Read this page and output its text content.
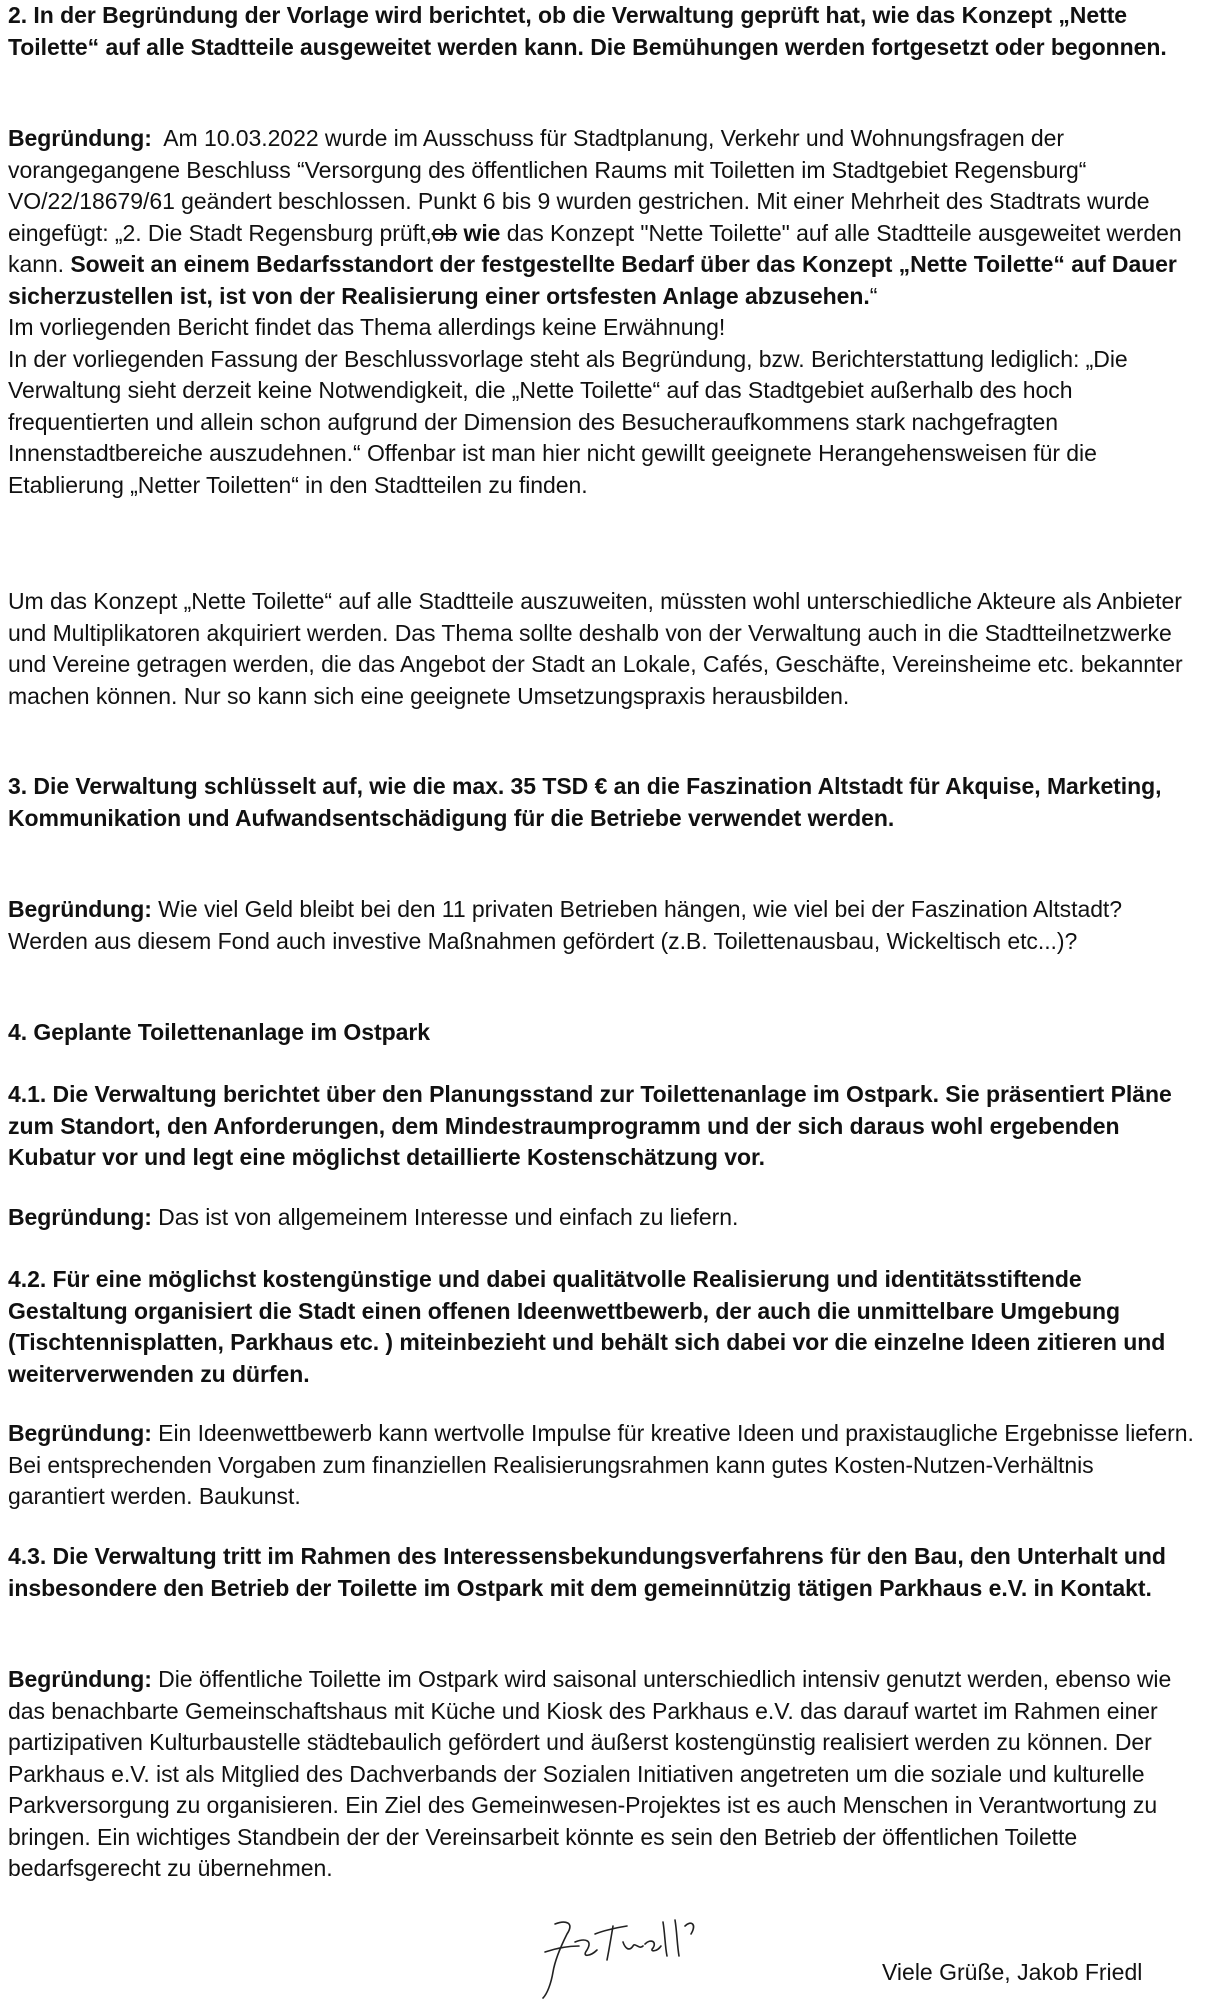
2. In der Begründung der Vorlage wird berichtet, ob die Verwaltung geprüft hat, wie das Konzept „Nette Toilette“ auf alle Stadtteile ausgeweitet werden kann. Die Bemühungen werden fortgesetzt oder begonnen.

Begründung: Am 10.03.2022 wurde im Ausschuss für Stadtplanung, Verkehr und Wohnungsfragen der vorangegangene Beschluss “Versorgung des öffentlichen Raums mit Toiletten im Stadtgebiet Regensburg“ VO/22/18679/61 geändert beschlossen. Punkt 6 bis 9 wurden gestrichen. Mit einer Mehrheit des Stadtrats wurde eingefügt: „2. Die Stadt Regensburg prüft,ob wie das Konzept "Nette Toilette" auf alle Stadtteile ausgeweitet werden kann. Soweit an einem Bedarfsstandort der festgestellte Bedarf über das Konzept „Nette Toilette“ auf Dauer sicherzustellen ist, ist von der Realisierung einer ortsfesten Anlage abzusehen.“
Im vorliegenden Bericht findet das Thema allerdings keine Erwähnung!
In der vorliegenden Fassung der Beschlussvorlage steht als Begründung, bzw. Berichterstattung lediglich: „Die Verwaltung sieht derzeit keine Notwendigkeit, die „Nette Toilette“ auf das Stadtgebiet außerhalb des hoch frequentierten und allein schon aufgrund der Dimension des Besucheraufkommens stark nachgefragten Innenstadtbereiche auszudehnen.“ Offenbar ist man hier nicht gewillt geeignete Herangehensweisen für die Etablierung „Netter Toiletten“ in den Stadtteilen zu finden.

Um das Konzept „Nette Toilette“ auf alle Stadtteile auszuweiten, müssten wohl unterschiedliche Akteure als Anbieter und Multiplikatoren akquiriert werden. Das Thema sollte deshalb von der Verwaltung auch in die Stadtteilnetzwerke und Vereine getragen werden, die das Angebot der Stadt an Lokale, Cafés, Geschäfte, Vereinsheime etc. bekannter machen können. Nur so kann sich eine geeignete Umsetzungspraxis herausbilden.

3. Die Verwaltung schlüsselt auf, wie die max. 35 TSD € an die Faszination Altstadt für Akquise, Marketing, Kommunikation und Aufwandsentschädigung für die Betriebe verwendet werden.

Begründung: Wie viel Geld bleibt bei den 11 privaten Betrieben hängen, wie viel bei der Faszination Altstadt? Werden aus diesem Fond auch investive Maßnahmen gefördert (z.B. Toilettenausbau, Wickeltisch etc...)?

4. Geplante Toilettenanlage im Ostpark

4.1. Die Verwaltung berichtet über den Planungsstand zur Toilettenanlage im Ostpark. Sie präsentiert Pläne zum Standort, den Anforderungen, dem Mindestraumprogramm und der sich daraus wohl ergebenden Kubatur vor und legt eine möglichst detaillierte Kostenschätzung vor.

Begründung: Das ist von allgemeinem Interesse und einfach zu liefern.

4.2. Für eine möglichst kostengünstige und dabei qualitätvolle Realisierung und identitätsstiftende Gestaltung organisiert die Stadt einen offenen Ideenwettbewerb, der auch die unmittelbare Umgebung (Tischtennisplatten, Parkhaus etc. ) miteinbezieht und behält sich dabei vor die einzelne Ideen zitieren und weiterverwenden zu dürfen.

Begründung: Ein Ideenwettbewerb kann wertvolle Impulse für kreative Ideen und praxistaugliche Ergebnisse liefern. Bei entsprechenden Vorgaben zum finanziellen Realisierungsrahmen kann gutes Kosten-Nutzen-Verhältnis garantiert werden. Baukunst.

4.3. Die Verwaltung tritt im Rahmen des Interessensbekundungsverfahrens für den Bau, den Unterhalt und insbesondere den Betrieb der Toilette im Ostpark mit dem gemeinnützig tätigen Parkhaus e.V. in Kontakt.

Begründung: Die öffentliche Toilette im Ostpark wird saisonal unterschiedlich intensiv genutzt werden, ebenso wie das benachbarte Gemeinschaftshaus mit Küche und Kiosk des Parkhaus e.V. das darauf wartet im Rahmen einer partizipativen Kulturbaustelle städtebaulich gefördert und äußerst kostengünstig realisiert werden zu können. Der Parkhaus e.V. ist als Mitglied des Dachverbands der Sozialen Initiativen angetreten um die soziale und kulturelle Parkversorgung zu organisieren. Ein Ziel des Gemeinwesen-Projektes ist es auch Menschen in Verantwortung zu bringen. Ein wichtiges Standbein der der Vereinsarbeit könnte es sein den Betrieb der öffentlichen Toilette bedarfsgerecht zu übernehmen.

Viele Grüße, Jakob Friedl
